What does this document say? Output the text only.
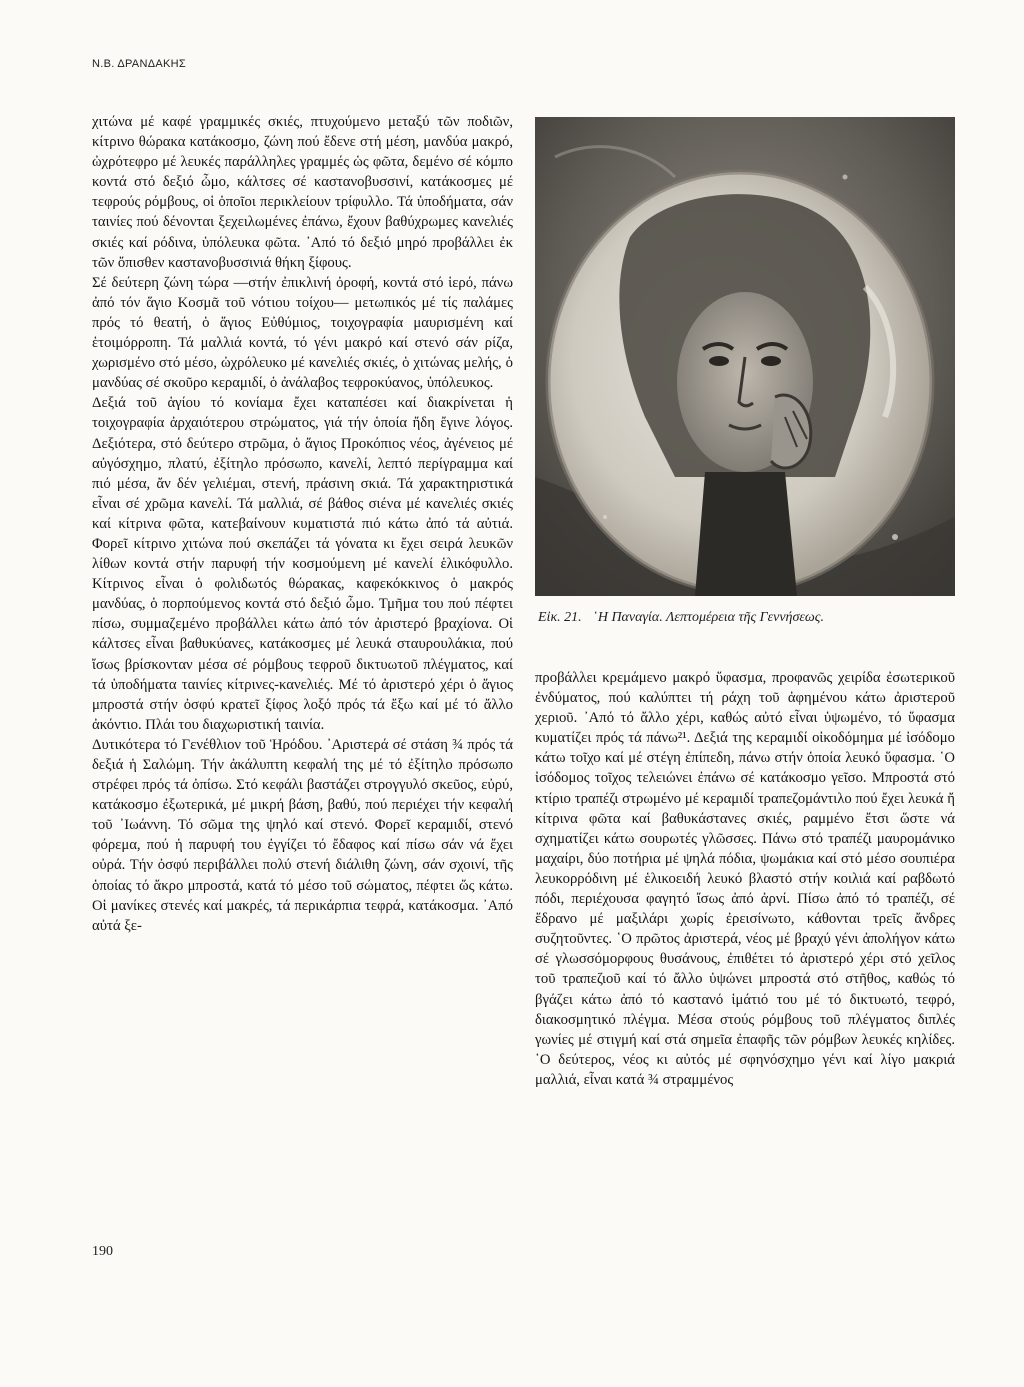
Ν.Β. ΔΡΑΝΔΑΚΗΣ

χιτώνα μέ καφέ γραμμικές σκιές, πτυχούμενο μεταξύ τῶν ποδιῶν, κίτρινο θώρακα κατάκοσμο, ζώνη πού ἔδενε στή μέση, μανδύα μακρό, ὠχρότεφρο μέ λευκές παράλληλες γραμμές ὡς φῶτα, δεμένο σέ κόμπο κοντά στό δεξιό ὦμο, κάλτσες σέ καστανοβυσσινί, κατάκοσμες μέ τεφρούς ρόμβους, οἱ ὁποῖοι περικλείουν τρίφυλλο. Τά ὑποδήματα, σάν ταινίες πού δένονται ξεχειλωμένες ἐπάνω, ἔχουν βαθύχρωμες κανελιές σκιές καί ρόδινα, ὑπόλευκα φῶτα. ᾿Από τό δεξιό μηρό προβάλλει ἐκ τῶν ὄπισθεν καστανοβυσσινιά θήκη ξίφους.

Σέ δεύτερη ζώνη τώρα —στήν ἐπικλινή ὀροφή, κοντά στό ἱερό, πάνω ἀπό τόν ἅγιο Κοσμᾶ τοῦ νότιου τοίχου— μετωπικός μέ τίς παλάμες πρός τό θεατή, ὁ ἅγιος Εὐθύμιος, τοιχογραφία μαυρισμένη καί ἑτοιμόρροπη. Τά μαλλιά κοντά, τό γένι μακρό καί στενό σάν ρίζα, χωρισμένο στό μέσο, ὠχρόλευκο μέ κανελιές σκιές, ὁ χιτώνας μελής, ὁ μανδύας σέ σκοῦρο κεραμιδί, ὁ ἀνάλαβος τεφροκύανος, ὑπόλευκος.

Δεξιά τοῦ ἁγίου τό κονίαμα ἔχει καταπέσει καί διακρίνεται ἡ τοιχογραφία ἀρχαιότερου στρώματος, γιά τήν ὁποία ἤδη ἔγινε λόγος. Δεξιότερα, στό δεύτερο στρῶμα, ὁ ἅγιος Προκόπιος νέος, ἀγένειος μέ αὐγόσχημο, πλατύ, ἐξίτηλο πρόσωπο, κανελί, λεπτό περίγραμμα καί πιό μέσα, ἄν δέν γελιέμαι, στενή, πράσινη σκιά. Τά χαρακτηριστικά εἶναι σέ χρῶμα κανελί. Τά μαλλιά, σέ βάθος σιένα μέ κανελιές σκιές καί κίτρινα φῶτα, κατεβαίνουν κυματιστά πιό κάτω ἀπό τά αὐτιά. Φορεῖ κίτρινο χιτώνα πού σκεπάζει τά γόνατα κι ἔχει σειρά λευκῶν λίθων κοντά στήν παρυφή τήν κοσμούμενη μέ κανελί ἑλικόφυλλο. Κίτρινος εἶναι ὁ φολιδωτός θώρακας, καφεκόκκινος ὁ μακρός μανδύας, ὁ πορπούμενος κοντά στό δεξιό ὦμο. Τμῆμα του πού πέφτει πίσω, συμμαζεμένο προβάλλει κάτω ἀπό τόν ἀριστερό βραχίονα. Οἱ κάλτσες εἶναι βαθυκύανες, κατάκοσμες μέ λευκά σταυρουλάκια, πού ἴσως βρίσκονταν μέσα σέ ρόμβους τεφροῦ δικτυωτοῦ πλέγματος, καί τά ὑποδήματα ταινίες κίτρινες-κανελιές. Μέ τό ἀριστερό χέρι ὁ ἅγιος μπροστά στήν ὀσφύ κρατεῖ ξίφος λοξό πρός τά ἔξω καί μέ τό ἄλλο ἀκόντιο. Πλάι του διαχωριστική ταινία.

Δυτικότερα τό Γενέθλιον τοῦ Ἡρόδου. ᾿Αριστερά σέ στάση ¾ πρός τά δεξιά ἡ Σαλώμη. Τήν ἀκάλυπτη κεφαλή της μέ τό ἐξίτηλο πρόσωπο στρέφει πρός τά ὀπίσω. Στό κεφάλι βαστάζει στρογγυλό σκεῦος, εὐρύ, κατάκοσμο ἐξωτερικά, μέ μικρή βάση, βαθύ, πού περιέχει τήν κεφαλή τοῦ ᾿Ιωάννη. Τό σῶμα της ψηλό καί στενό. Φορεῖ κεραμιδί, στενό φόρεμα, πού ἡ παρυφή του ἐγγίζει τό ἔδαφος καί πίσω σάν νά ἔχει οὐρά. Τήν ὀσφύ περιβάλλει πολύ στενή διάλιθη ζώνη, σάν σχοινί, τῆς ὁποίας τό ἄκρο μπροστά, κατά τό μέσο τοῦ σώματος, πέφτει ὥς κάτω. Οἱ μανίκες στενές καί μακρές, τά περικάρπια τεφρά, κατάκοσμα. ᾿Από αὐτά ξε-

Εἰκ. 21. ῾Η Παναγία. Λεπτομέρεια τῆς Γεννήσεως.

προβάλλει κρεμάμενο μακρό ὕφασμα, προφανῶς χειρίδα ἐσωτερικοῦ ἐνδύματος, πού καλύπτει τή ράχη τοῦ ἀφημένου κάτω ἀριστεροῦ χεριοῦ. ᾿Από τό ἄλλο χέρι, καθώς αὐτό εἶναι ὑψωμένο, τό ὕφασμα κυματίζει πρός τά πάνω²¹. Δεξιά της κεραμιδί οἰκοδόμημα μέ ἰσόδομο κάτω τοῖχο καί μέ στέγη ἐπίπεδη, πάνω στήν ὁποία λευκό ὕφασμα. ῾Ο ἰσόδομος τοῖχος τελειώνει ἐπάνω σέ κατάκοσμο γεῖσο. Μπροστά στό κτίριο τραπέζι στρωμένο μέ κεραμιδί τραπεζομάντιλο πού ἔχει λευκά ἤ κίτρινα φῶτα καί βαθυκάστανες σκιές, ραμμένο ἔτσι ὥστε νά σχηματίζει κάτω σουρωτές γλῶσσες. Πάνω στό τραπέζι μαυρομάνικο μαχαίρι, δύο ποτήρια μέ ψηλά πόδια, ψωμάκια καί στό μέσο σουπιέρα λευκορρόδινη μέ ἑλικοειδή λευκό βλαστό στήν κοιλιά καί ραβδωτό πόδι, περιέχουσα φαγητό ἴσως ἀπό ἀρνί. Πίσω ἀπό τό τραπέζι, σέ ἕδρανο μέ μαξιλάρι χωρίς ἐρεισίνωτο, κάθονται τρεῖς ἄνδρες συζητοῦντες. ῾Ο πρῶτος ἀριστερά, νέος μέ βραχύ γένι ἀπολήγον κάτω σέ γλωσσόμορφους θυσάνους, ἐπιθέτει τό ἀριστερό χέρι στό χεῖλος τοῦ τραπεζιοῦ καί τό ἄλλο ὑψώνει μπροστά στό στῆθος, καθώς τό βγάζει κάτω ἀπό τό καστανό ἱμάτιό του μέ τό δικτυωτό, τεφρό, διακοσμητικό πλέγμα. Μέσα στούς ρόμβους τοῦ πλέγματος διπλές γωνίες μέ στιγμή καί στά σημεῖα ἐπαφῆς τῶν ρόμβων λευκές κηλίδες. ῾Ο δεύτερος, νέος κι αὐτός μέ σφηνόσχημο γένι καί λίγο μακριά μαλλιά, εἶναι κατά ¾ στραμμένος

190
